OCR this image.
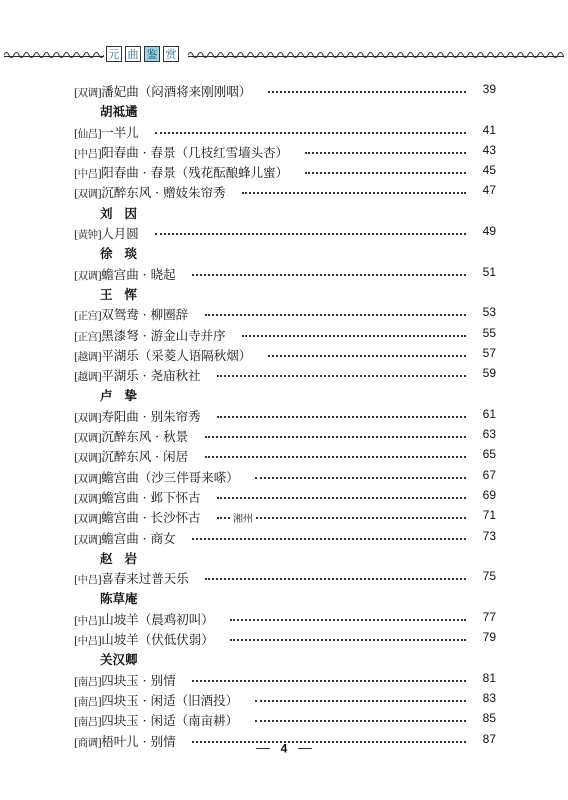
元 曲 鉴 赏
[双调]潘妃曲（闷酒将来刚刚咽）	39
胡祗遹
[仙吕]一半儿	41
[中吕]阳春曲 · 春景（几枝红雪墙头杏）	43
[中吕]阳春曲 · 春景（残花酝酿蜂儿蜜）	45
[双调]沉醉东风 · 赠妓朱帘秀	47
刘因
[黄钟]人月圆	49
徐琰
[双调]蟾宫曲 · 晓起	51
王恽
[正宫]双鸳鸯 · 柳圈辞	53
[正宫]黑漆弩 · 游金山寺并序	55
[越调]平湖乐（采菱人语隔秋烟）	57
[越调]平湖乐 · 尧庙秋社	59
卢挚
[双调]寿阳曲 · 别朱帘秀	61
[双调]沉醉东风 · 秋景	63
[双调]沉醉东风 · 闲居	65
[双调]蟾宫曲（沙三伴哥来嗏）	67
[双调]蟾宫曲 · 邺下怀古	69
[双调]蟾宫曲 · 长沙怀古	71
湘州
[双调]蟾宫曲 · 商女	73
赵岩
[中吕]喜春来过普天乐	75
陈草庵
[中吕]山坡羊（晨鸡初叫）	77
[中吕]山坡羊（伏低伏弱）	79
关汉卿
[南吕]四块玉 · 别情	81
[南吕]四块玉 · 闲适（旧酒投）	83
[南吕]四块玉 · 闲适（南亩耕）	85
[商调]梧叶儿 · 别情	87
4
